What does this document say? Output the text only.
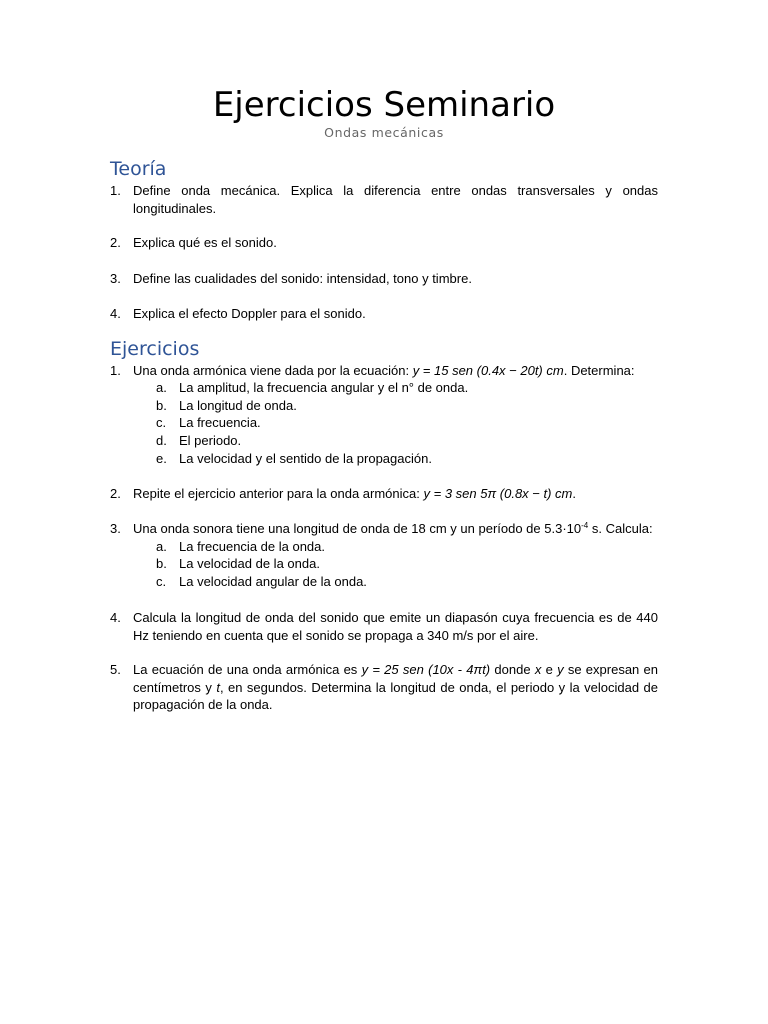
Ejercicios Seminario
Ondas mecánicas
Teoría
1. Define onda mecánica. Explica la diferencia entre ondas transversales y ondas longitudinales.
2. Explica qué es el sonido.
3. Define las cualidades del sonido: intensidad, tono y timbre.
4. Explica el efecto Doppler para el sonido.
Ejercicios
1. Una onda armónica viene dada por la ecuación: y = 15 sen (0.4x − 20t) cm. Determina:
a. La amplitud, la frecuencia angular y el n° de onda.
b. La longitud de onda.
c. La frecuencia.
d. El periodo.
e. La velocidad y el sentido de la propagación.
2. Repite el ejercicio anterior para la onda armónica: y = 3 sen 5π (0.8x − t) cm.
3. Una onda sonora tiene una longitud de onda de 18 cm y un período de $5.3\cdot 10^{-4}$ s. Calcula:
a. La frecuencia de la onda.
b. La velocidad de la onda.
c. La velocidad angular de la onda.
4. Calcula la longitud de onda del sonido que emite un diapasón cuya frecuencia es de 440 Hz teniendo en cuenta que el sonido se propaga a 340 m/s por el aire.
5. La ecuación de una onda armónica es y = 25 sen (10x - 4πt) donde x e y se expresan en centímetros y t, en segundos. Determina la longitud de onda, el periodo y la velocidad de propagación de la onda.
